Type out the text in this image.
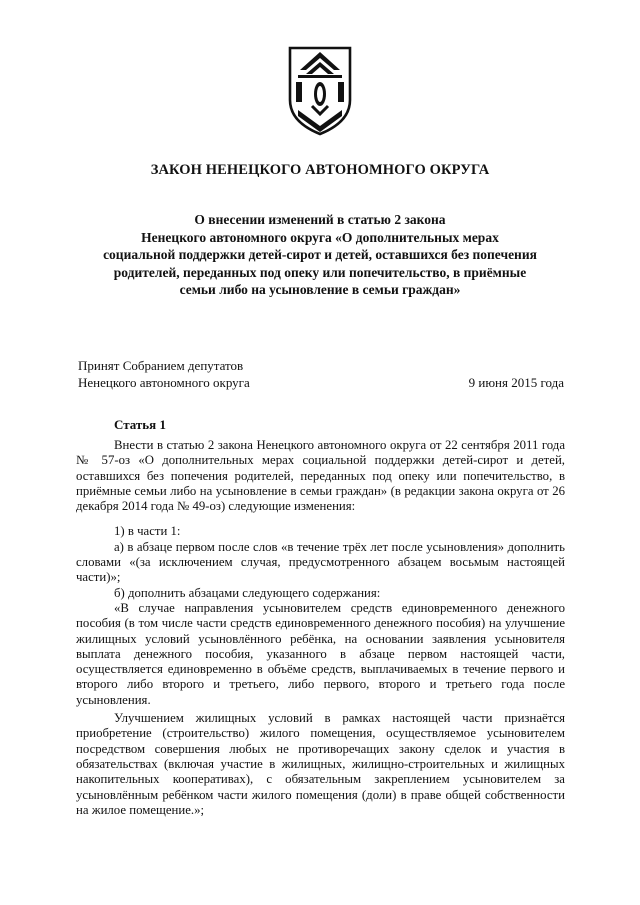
ЗАКОН НЕНЕЦКОГО АВТОНОМНОГО ОКРУГА
О внесении изменений в статью 2 закона
Ненецкого автономного округа «О дополнительных мерах
социальной поддержки детей-сирот и детей, оставшихся без попечения
родителей, переданных под опеку или попечительство, в приёмные
семьи либо на усыновление в семьи граждан»
Принят Собранием депутатов
Ненецкого автономного округа	9 июня 2015 года
Статья 1

Внести в статью 2 закона Ненецкого автономного округа от 22 сентября 2011 года № 57-оз «О дополнительных мерах социальной поддержки детей-сирот и детей, оставшихся без попечения родителей, переданных под опеку или попечительство, в приёмные семьи либо на усыновление в семьи граждан» (в редакции закона округа от 26 декабря 2014 года № 49-оз) следующие изменения:

1) в части 1:

а) в абзаце первом после слов «в течение трёх лет после усыновления» дополнить словами «(за исключением случая, предусмотренного абзацем восьмым настоящей части)»;

б) дополнить абзацами следующего содержания:

«В случае направления усыновителем средств единовременного денежного пособия (в том числе части средств единовременного денежного пособия) на улучшение жилищных условий усыновлённого ребёнка, на основании заявления усыновителя выплата денежного пособия, указанного в абзаце первом настоящей части, осуществляется единовременно в объёме средств, выплачиваемых в течение первого и второго либо второго и третьего, либо первого, второго и третьего года после усыновления.

Улучшением жилищных условий в рамках настоящей части признаётся приобретение (строительство) жилого помещения, осуществляемое усыновителем посредством совершения любых не противоречащих закону сделок и участия в обязательствах (включая участие в жилищных, жилищно-строительных и жилищных накопительных кооперативах), с обязательным закреплением усыновителем за усыновлённым ребёнком части жилого помещения (доли) в праве общей собственности на жилое помещение.»;
